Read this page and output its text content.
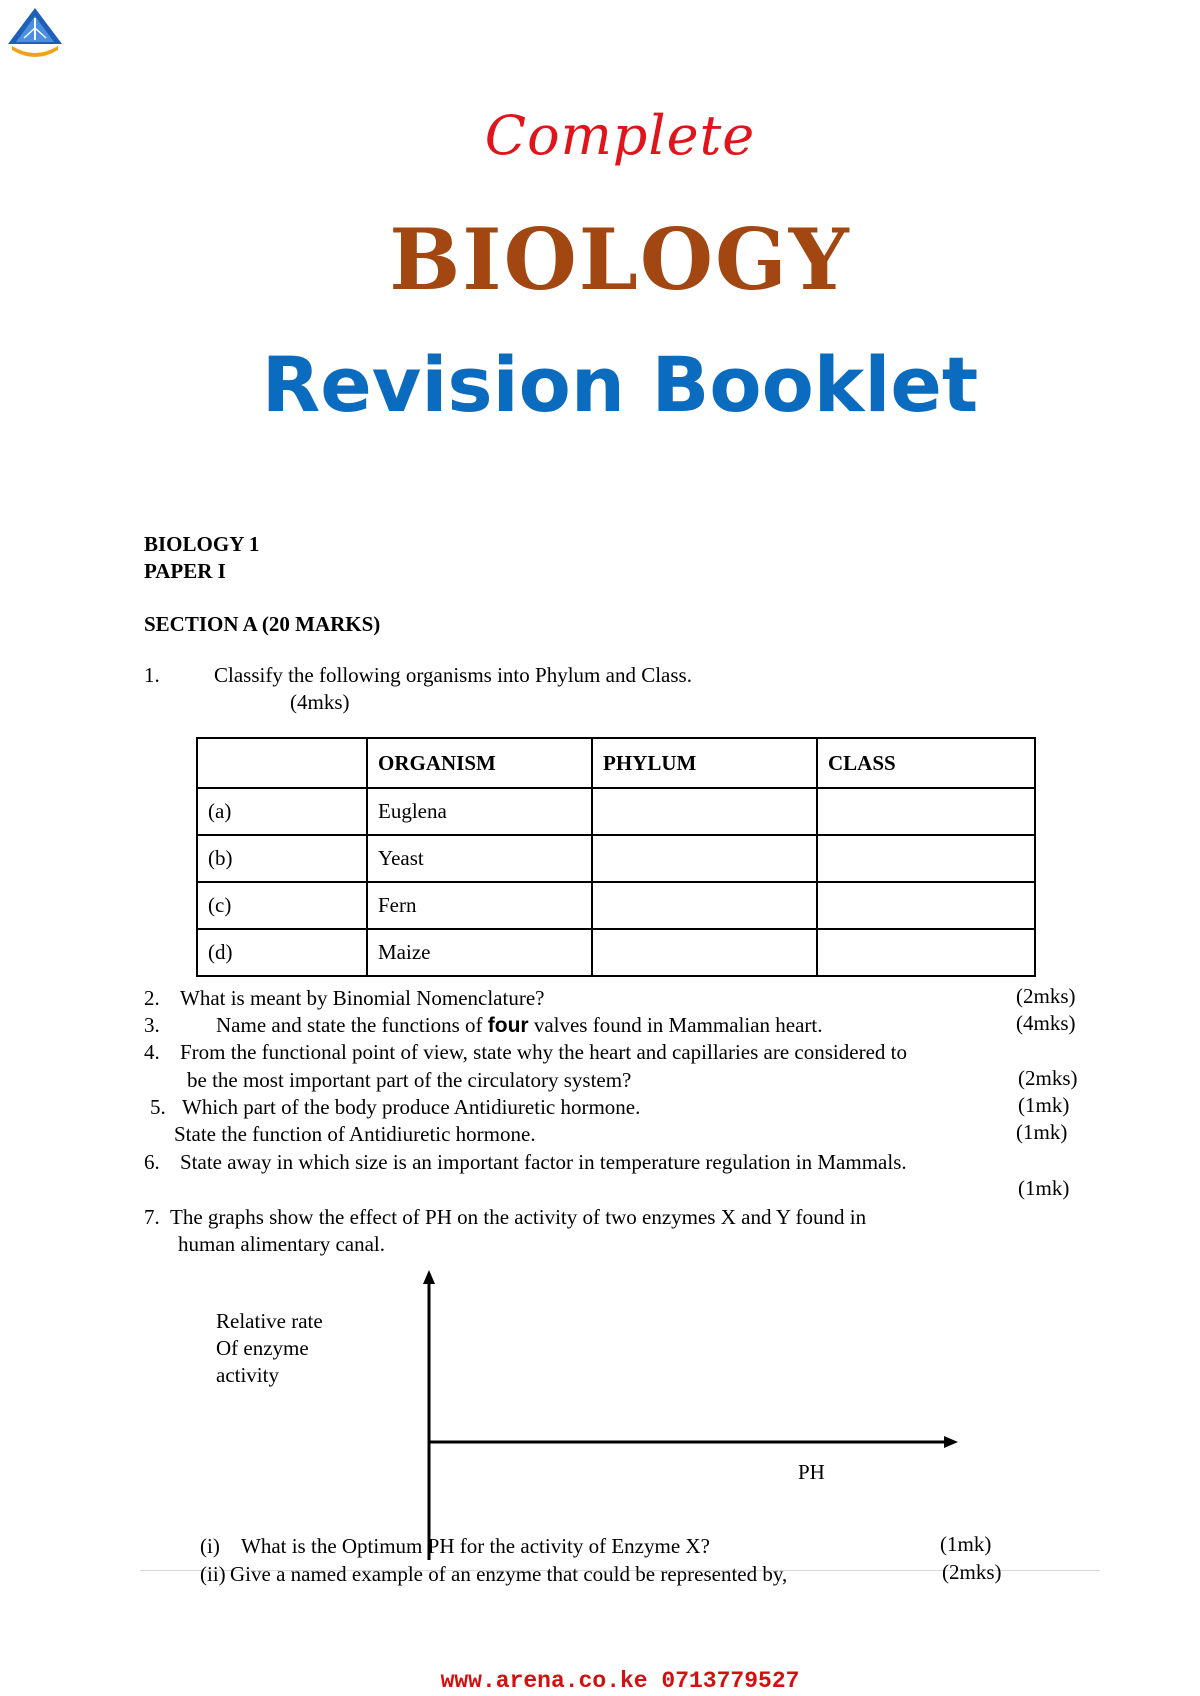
Complete
BIOLOGY
Revision Booklet
BIOLOGY 1
PAPER I
SECTION A (20 MARKS)
1.	Classify the following organisms into Phylum and Class.
(4mks)
	ORGANISM	PHYLUM	CLASS
(a)	Euglena		
(b)	Yeast		
(c)	Fern		
(d)	Maize		
2. What is meant by Binomial Nomenclature?	(2mks)
3.	Name and state the functions of four valves found in Mammalian heart.	(4mks)
4. From the functional point of view, state why the heart and capillaries are considered to
be the most important part of the circulatory system?	(2mks)
5. Which part of the body produce Antidiuretic hormone.	(1mk)
State the function of Antidiuretic hormone.	(1mk)
6. State away in which size is an important factor in temperature regulation in Mammals.
(1mk)
7. The graphs show the effect of PH on the activity of two enzymes X and Y found in
human alimentary canal.
Relative rate
Of enzyme
activity
PH
(i) What is the Optimum PH for the activity of Enzyme X?	(1mk)
(ii) Give a named example of an enzyme that could be represented by,	(2mks)
www.arena.co.ke 0713779527
